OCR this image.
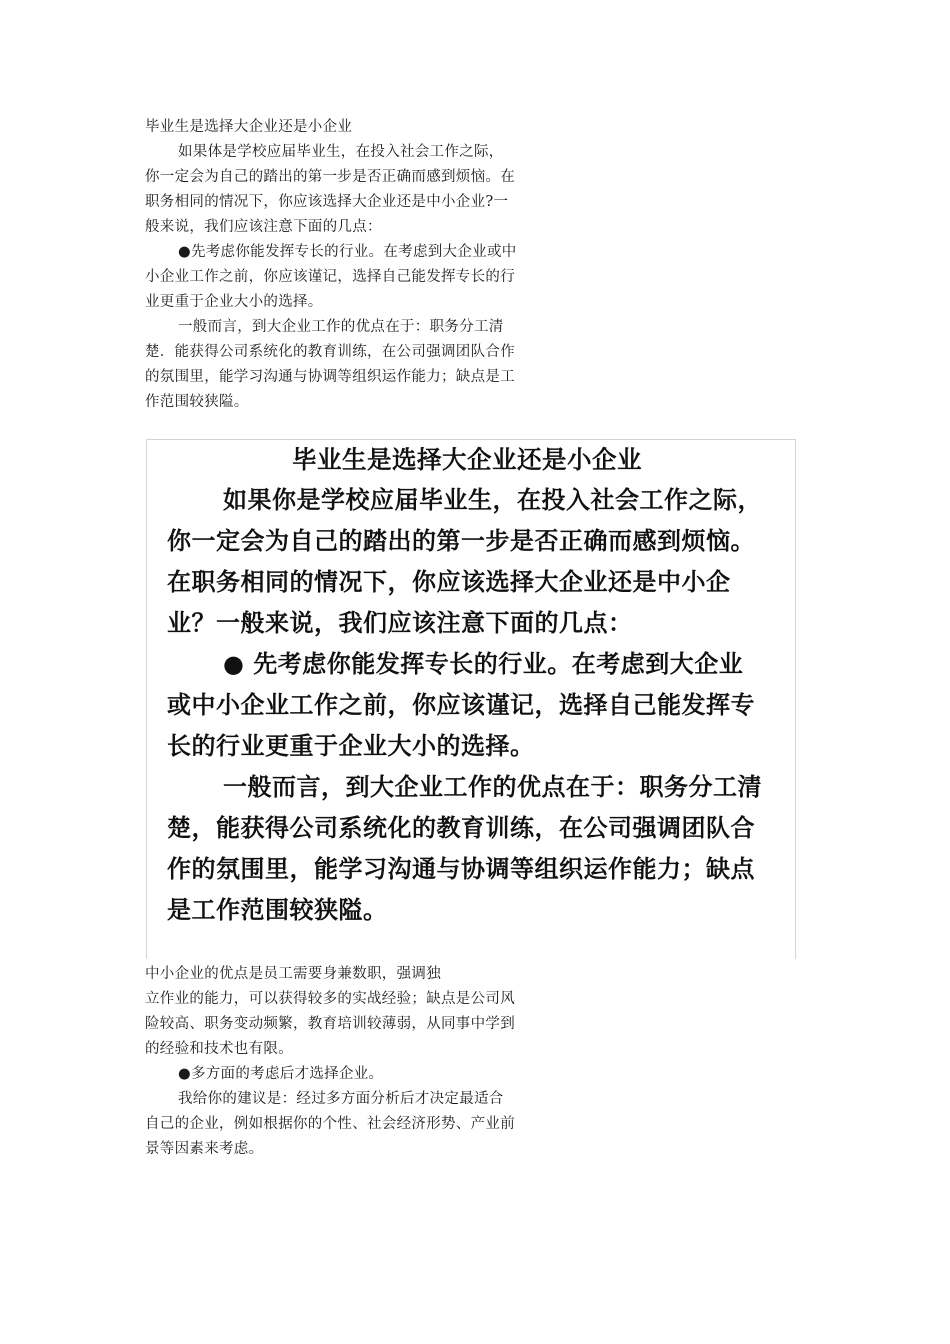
毕业生是选择大企业还是小企业

如果体是学校应届毕业生，在投入社会工作之际，你一定会为自己的踏出的第一步是否正确而感到烦恼。在职务相同的情况下，你应该选择大企业还是中小企业?一般来说，我们应该注意下面的几点：

●先考虑你能发挥专长的行业。在考虑到大企业或中小企业工作之前，你应该谨记，选择自己能发挥专长的行业更重于企业大小的选择。

一般而言，到大企业工作的优点在于：职务分工清楚．能获得公司系统化的教育训练，在公司强调团队合作的氛围里，能学习沟通与协调等组织运作能力；缺点是工作范围较狭隘。

毕业生是选择大企业还是小企业

如果你是学校应届毕业生，在投入社会工作之际，你一定会为自己的踏出的第一步是否正确而感到烦恼。在职务相同的情况下，你应该选择大企业还是中小企业？一般来说，我们应该注意下面的几点：

● 先考虑你能发挥专长的行业。在考虑到大企业或中小企业工作之前，你应该谨记，选择自己能发挥专长的行业更重于企业大小的选择。

一般而言，到大企业工作的优点在于：职务分工清楚，能获得公司系统化的教育训练，在公司强调团队合作的氛围里，能学习沟通与协调等组织运作能力；缺点是工作范围较狭隘。

中小企业的优点是员工需要身兼数职，强调独

立作业的能力，可以获得较多的实战经验；缺点是公司风险较高、职务变动频繁，教育培训较薄弱，从同事中学到的经验和技术也有限。

●多方面的考虑后才选择企业。

我给你的建议是：经过多方面分析后才决定最适合自己的企业，例如根据你的个性、社会经济形势、产业前景等因素来考虑。
